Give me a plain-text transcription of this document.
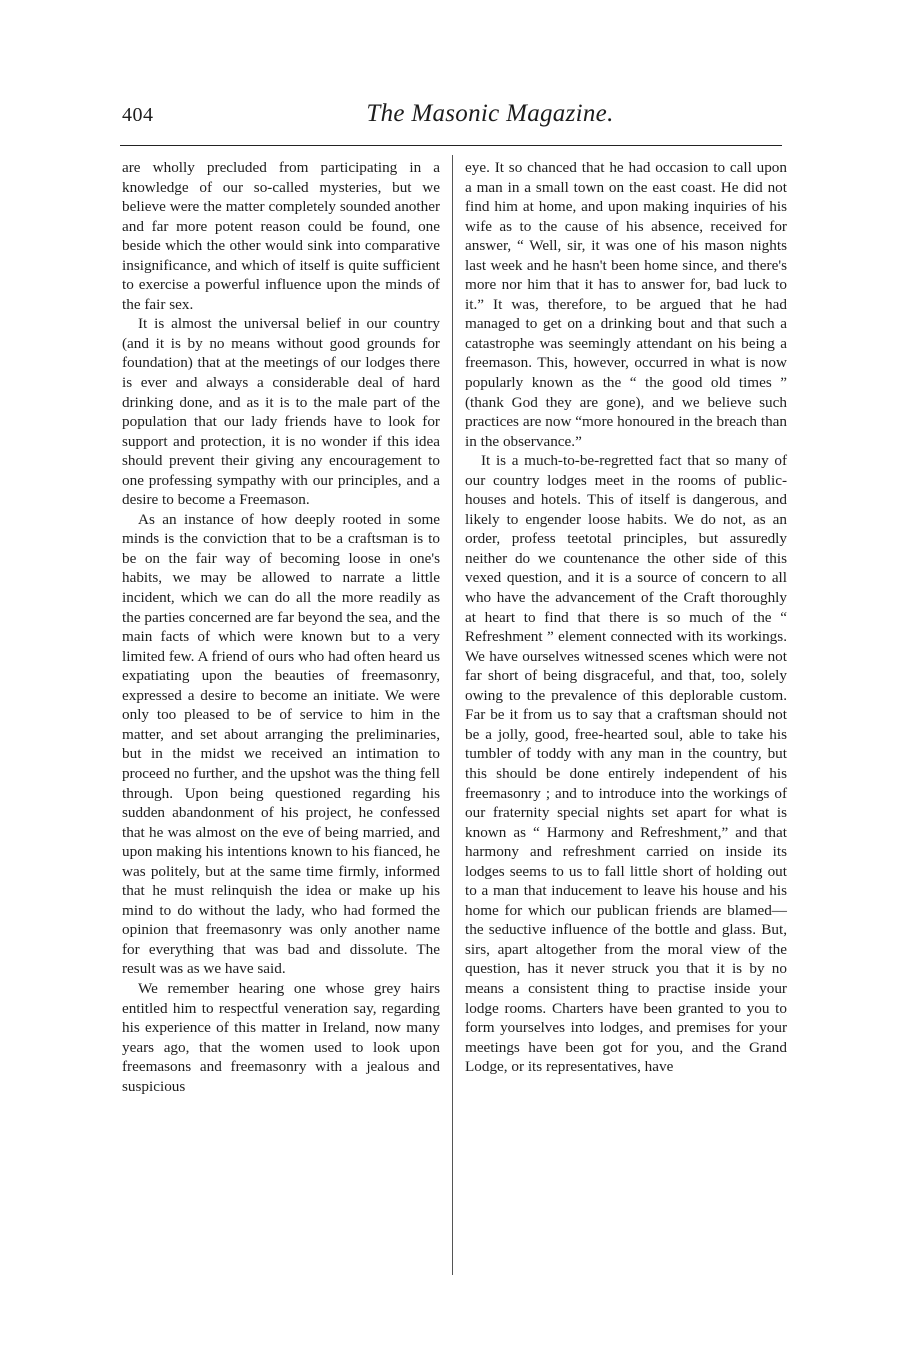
404	The Masonic Magazine.

are wholly precluded from participating in a knowledge of our so-called mysteries, but we believe were the matter completely sounded another and far more potent reason could be found, one beside which the other would sink into comparative insignificance, and which of itself is quite sufficient to exercise a powerful influence upon the minds of the fair sex.

It is almost the universal belief in our country (and it is by no means without good grounds for foundation) that at the meetings of our lodges there is ever and always a considerable deal of hard drinking done, and as it is to the male part of the population that our lady friends have to look for support and protection, it is no wonder if this idea should prevent their giving any encouragement to one professing sympathy with our principles, and a desire to become a Freemason.

As an instance of how deeply rooted in some minds is the conviction that to be a craftsman is to be on the fair way of becoming loose in one's habits, we may be allowed to narrate a little incident, which we can do all the more readily as the parties concerned are far beyond the sea, and the main facts of which were known but to a very limited few. A friend of ours who had often heard us expatiating upon the beauties of freemasonry, expressed a desire to become an initiate. We were only too pleased to be of service to him in the matter, and set about arranging the preliminaries, but in the midst we received an intimation to proceed no further, and the upshot was the thing fell through. Upon being questioned regarding his sudden abandonment of his project, he confessed that he was almost on the eve of being married, and upon making his intentions known to his fianced, he was politely, but at the same time firmly, informed that he must relinquish the idea or make up his mind to do without the lady, who had formed the opinion that freemasonry was only another name for everything that was bad and dissolute. The result was as we have said.

We remember hearing one whose grey hairs entitled him to respectful veneration say, regarding his experience of this matter in Ireland, now many years ago, that the women used to look upon freemasons and freemasonry with a jealous and suspicious

eye. It so chanced that he had occasion to call upon a man in a small town on the east coast. He did not find him at home, and upon making inquiries of his wife as to the cause of his absence, received for answer, “ Well, sir, it was one of his mason nights last week and he hasn't been home since, and there's more nor him that it has to answer for, bad luck to it.” It was, therefore, to be argued that he had managed to get on a drinking bout and that such a catastrophe was seemingly attendant on his being a freemason. This, however, occurred in what is now popularly known as the “ the good old times ” (thank God they are gone), and we believe such practices are now “more honoured in the breach than in the observance.”

It is a much-to-be-regretted fact that so many of our country lodges meet in the rooms of public-houses and hotels. This of itself is dangerous, and likely to engender loose habits. We do not, as an order, profess teetotal principles, but assuredly neither do we countenance the other side of this vexed question, and it is a source of concern to all who have the advancement of the Craft thoroughly at heart to find that there is so much of the “ Refreshment ” element connected with its workings. We have ourselves witnessed scenes which were not far short of being disgraceful, and that, too, solely owing to the prevalence of this deplorable custom. Far be it from us to say that a craftsman should not be a jolly, good, free-hearted soul, able to take his tumbler of toddy with any man in the country, but this should be done entirely independent of his freemasonry ; and to introduce into the workings of our fraternity special nights set apart for what is known as “ Harmony and Refreshment,” and that harmony and refreshment carried on inside its lodges seems to us to fall little short of holding out to a man that inducement to leave his house and his home for which our publican friends are blamed—the seductive influence of the bottle and glass. But, sirs, apart altogether from the moral view of the question, has it never struck you that it is by no means a consistent thing to practise inside your lodge rooms. Charters have been granted to you to form yourselves into lodges, and premises for your meetings have been got for you, and the Grand Lodge, or its representatives, have
